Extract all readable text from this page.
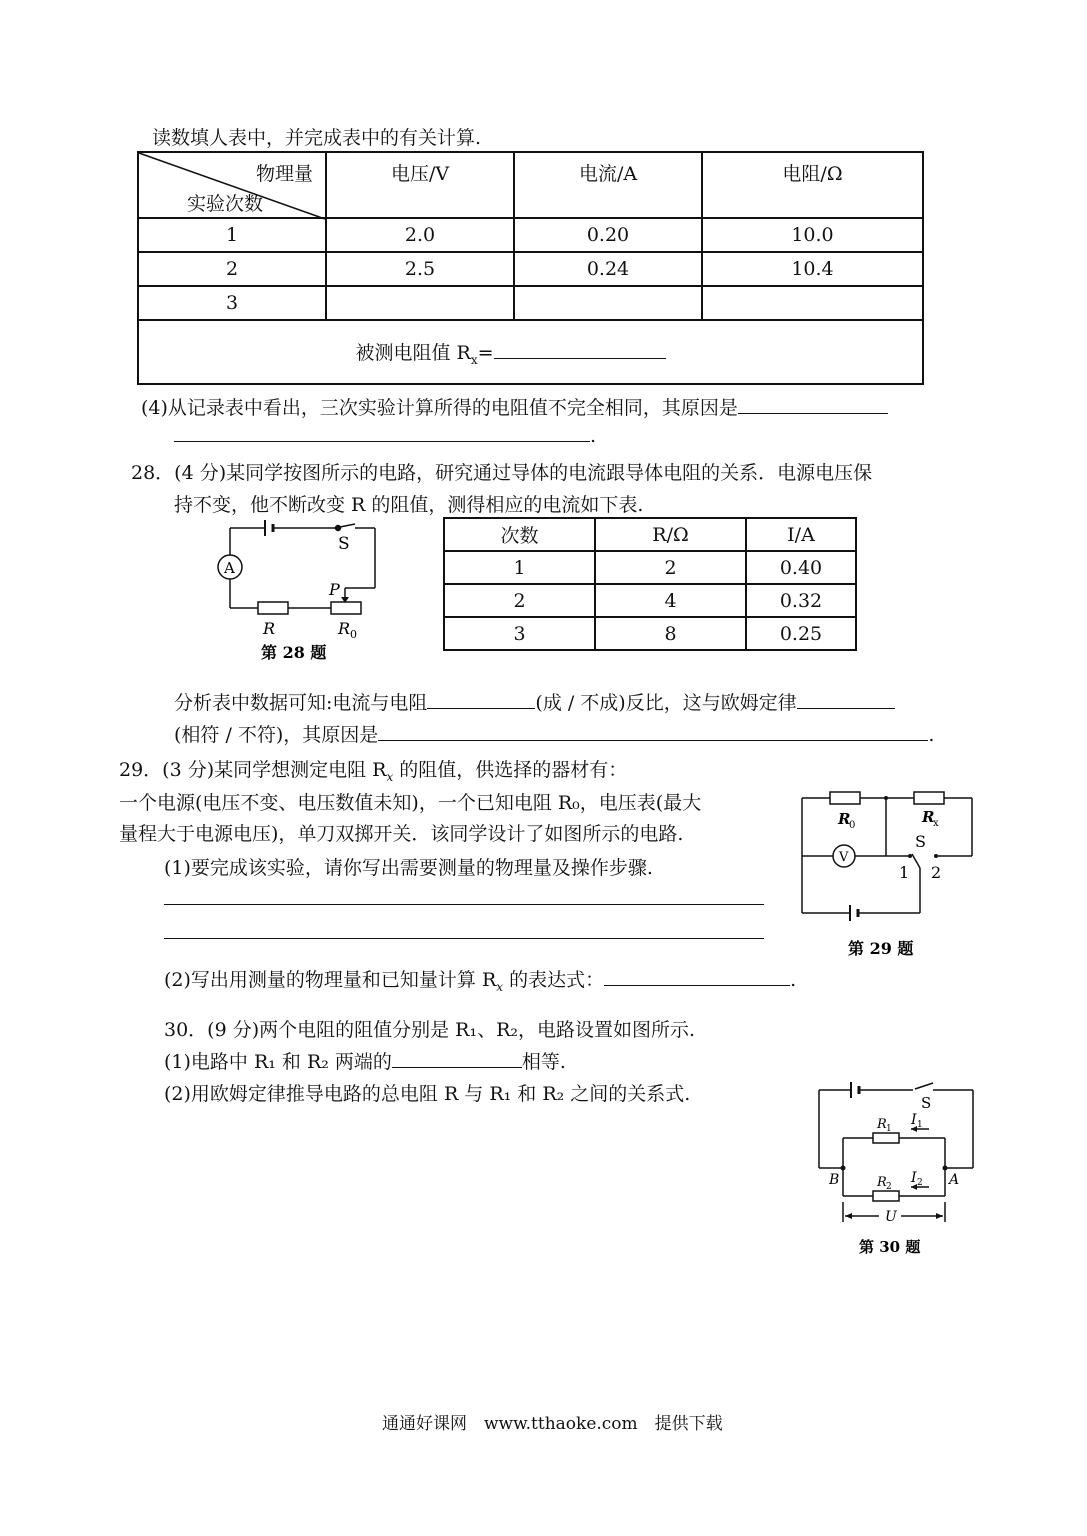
读数填人表中，并完成表中的有关计算.
物理量
实验次数	电压/V	电流/A	电阻/Ω
1	2.0	0.20	10.0
2	2.5	0.24	10.4
3			
被测电阻值 $R_x=$			
(4)从记录表中看出，三次实验计算所得的电阻值不完全相同，其原因是
.
28．(4 分)某同学按图所示的电路，研究通过导体的电流跟导体电阻的关系．电源电压保
持不变，他不断改变 R 的阻值，测得相应的电流如下表.
A
S
P
R	R 0
第 28 题
次数	R/Ω	I/A
1	2	0.40
2	4	0.32
3	8	0.25
分析表中数据可知:电流与电阻	(成 / 不成)反比，这与欧姆定律
(相符 / 不符)，其原因是	.
29．(3 分)某同学想测定电阻 $R_x$ 的阻值，供选择的器材有：
一个电源(电压不变、电压数值未知)，一个已知电阻 R₀，电压表(最大
量程大于电源电压)，单刀双掷开关．该同学设计了如图所示的电路.
(1)要完成该实验，请你写出需要测量的物理量及操作步骤.
(2)写出用测量的物理量和已知量计算 $R_x$ 的表达式：	.
R
0	R
x
V
S
1 2
第 29 题
30．(9 分)两个电阻的阻值分别是 R₁、R₂，电路设置如图所示.
(1)电路中 R₁ 和 R₂ 两端的	相等.
(2)用欧姆定律推导电路的总电阻 R 与 R₁ 和 R₂ 之间的关系式.	S
R 1
R 2
I 1
I 2
B	A
U
第 30 题
通通好课网　www.tthaoke.com　提供下载
